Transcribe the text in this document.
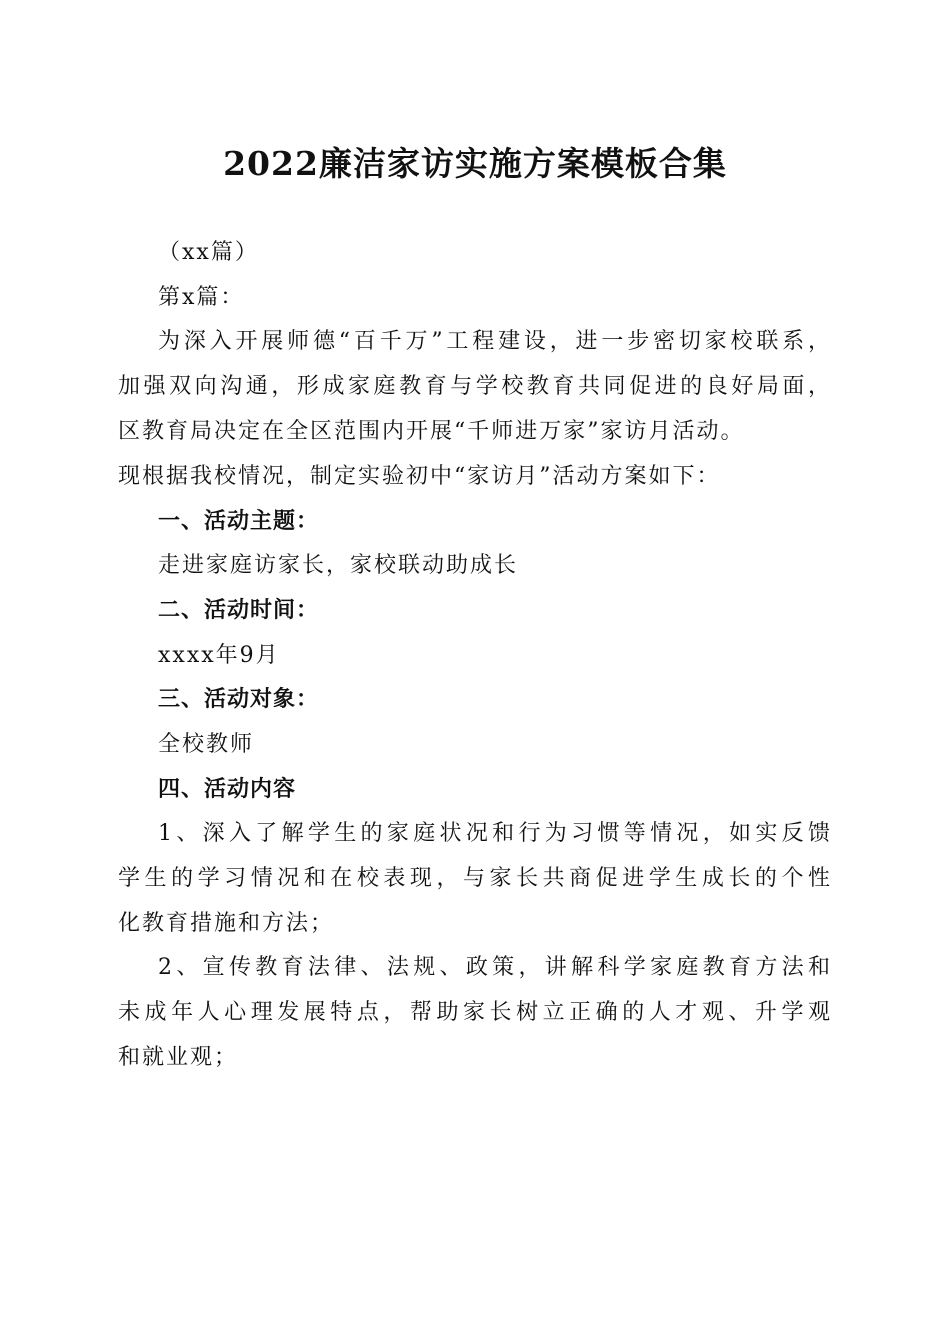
2022廉洁家访实施方案模板合集

（xx篇）

第x篇：

为深入开展师德“百千万”工程建设，进一步密切家校联系，

加强双向沟通，形成家庭教育与学校教育共同促进的良好局面，

区教育局决定在全区范围内开展“千师进万家”家访月活动。

现根据我校情况，制定实验初中“家访月”活动方案如下：

一、活动主题：

走进家庭访家长，家校联动助成长

二、活动时间：

xxxx年9月

三、活动对象：

全校教师

四、活动内容

1、深入了解学生的家庭状况和行为习惯等情况，如实反馈

学生的学习情况和在校表现，与家长共商促进学生成长的个性

化教育措施和方法；

2、宣传教育法律、法规、政策，讲解科学家庭教育方法和

未成年人心理发展特点，帮助家长树立正确的人才观、升学观

和就业观；
